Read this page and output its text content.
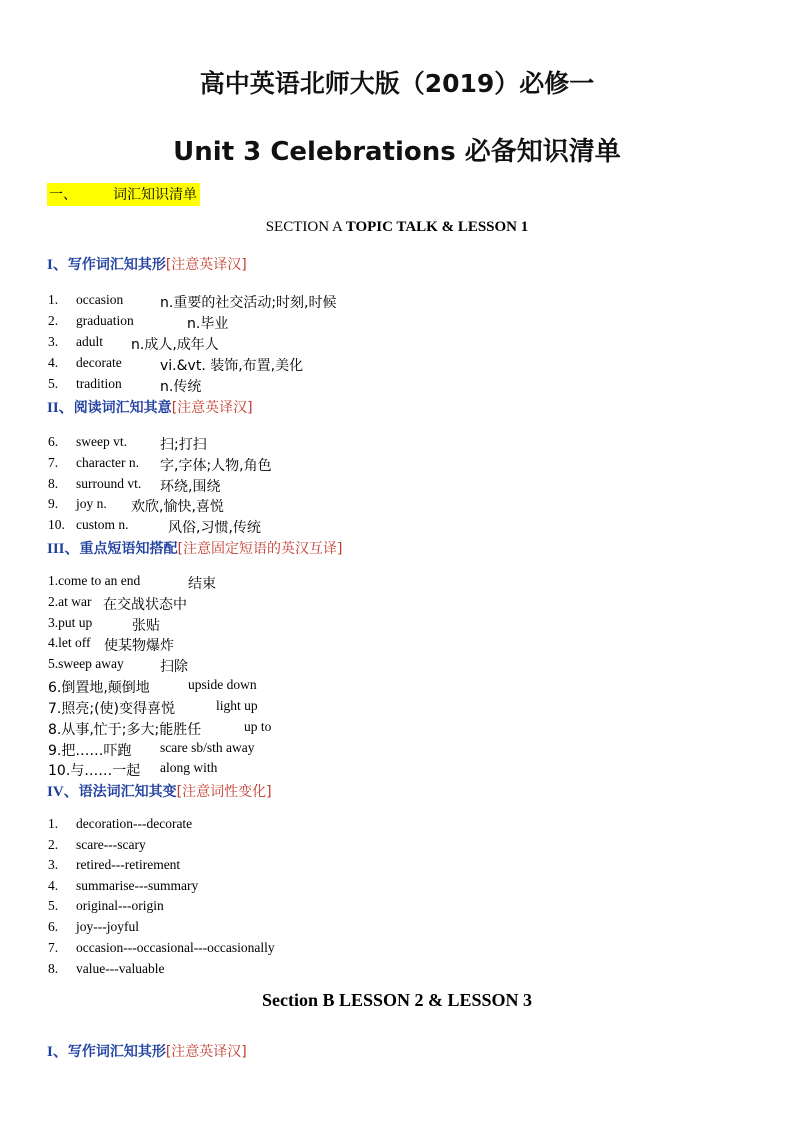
高中英语北师大版（2019）必修一
Unit 3 Celebrations 必备知识清单
一、	词汇知识清单
SECTION A TOPIC TALK & LESSON 1
I、写作词汇知其形[注意英译汉]
1. occasion	n.重要的社交活动;时刻,时候
2. graduation	n.毕业
3. adult n.成人,成年人
4. decorate	vi.&vt. 装饰,布置,美化
5. tradition	n.传统
II、阅读词汇知其意[注意英译汉]
6. sweep vt. 扫;打扫
7. character n. 字,字体;人物,角色
8. surround vt. 环绕,围绕
9. joy n. 欢欣,愉快,喜悦
10. custom n.	风俗,习惯,传统
III、重点短语知搭配[注意固定短语的英汉互译]
1.come to an end	结束
2.at war 在交战状态中
3.put up	张贴
4.let off 使某物爆炸
5.sweep away	扫除
6.倒置地,颠倒地	upside down
7.照亮;(使)变得喜悦	light up
8.从事,忙于;多大;能胜任	up to
9.把……吓跑 scare sb/sth away
10.与……一起 along with
IV、语法词汇知其变[注意词性变化]
1. decoration---decorate
2. scare---scary
3. retired---retirement
4. summarise---summary
5. original---origin
6. joy---joyful
7. occasion---occasional---occasionally
8. value---valuable
Section B LESSON 2 & LESSON 3
I、写作词汇知其形[注意英译汉]
